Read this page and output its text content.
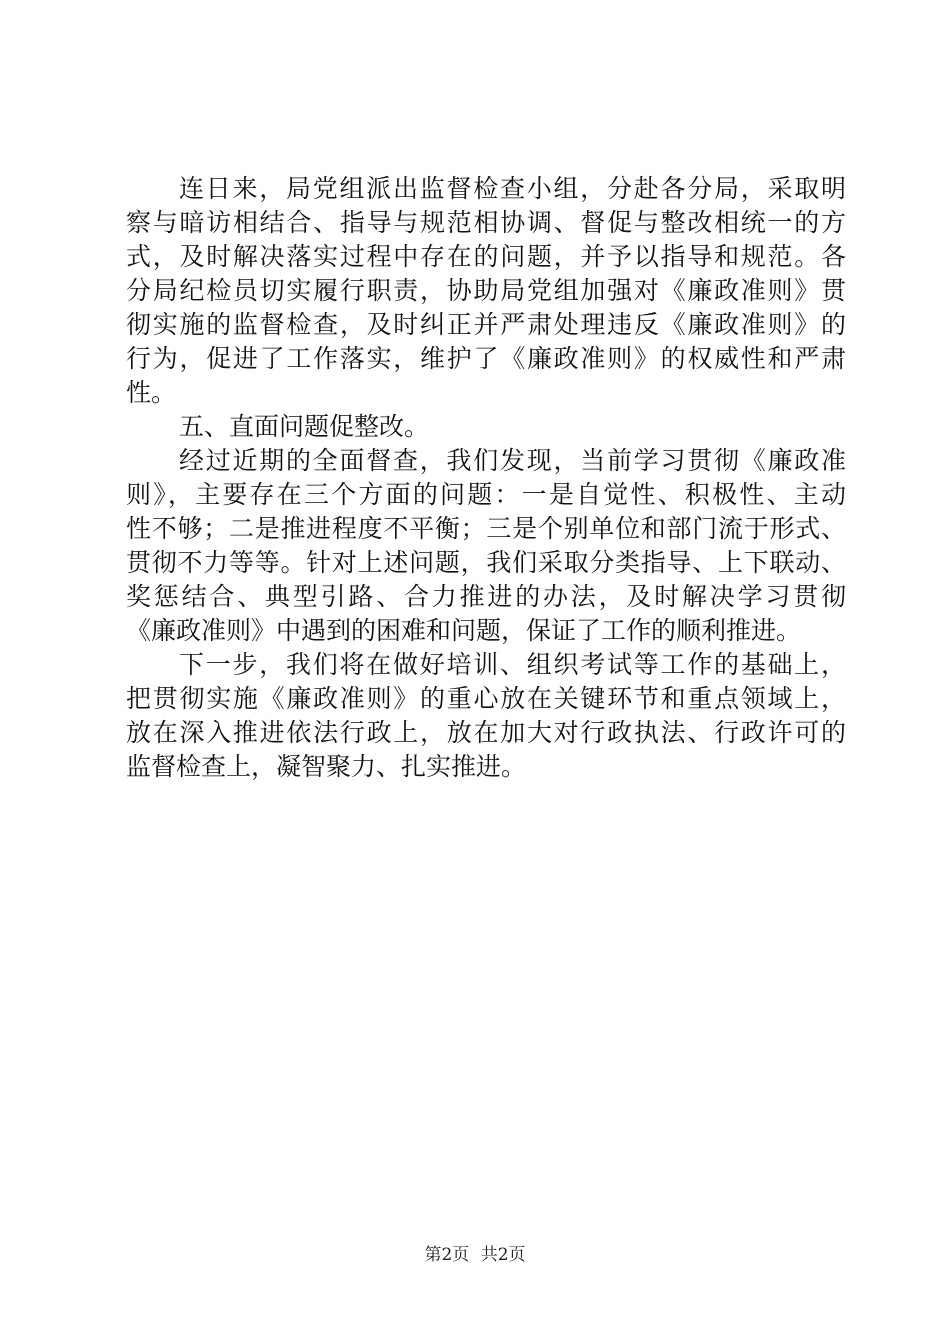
连日来，局党组派出监督检查小组，分赴各分局，采取明
察与暗访相结合、指导与规范相协调、督促与整改相统一的方
式，及时解决落实过程中存在的问题，并予以指导和规范。各
分局纪检员切实履行职责，协助局党组加强对《廉政准则》贯
彻实施的监督检查，及时纠正并严肃处理违反《廉政准则》的
行为，促进了工作落实，维护了《廉政准则》的权威性和严肃
性。
五、直面问题促整改。
经过近期的全面督查，我们发现，当前学习贯彻《廉政准
则》，主要存在三个方面的问题：一是自觉性、积极性、主动
性不够；二是推进程度不平衡；三是个别单位和部门流于形式、
贯彻不力等等。针对上述问题，我们采取分类指导、上下联动、
奖惩结合、典型引路、合力推进的办法，及时解决学习贯彻
《廉政准则》中遇到的困难和问题，保证了工作的顺利推进。
下一步，我们将在做好培训、组织考试等工作的基础上，
把贯彻实施《廉政准则》的重心放在关键环节和重点领域上，
放在深入推进依法行政上，放在加大对行政执法、行政许可的
监督检查上，凝智聚力、扎实推进。
第2页 共2页
